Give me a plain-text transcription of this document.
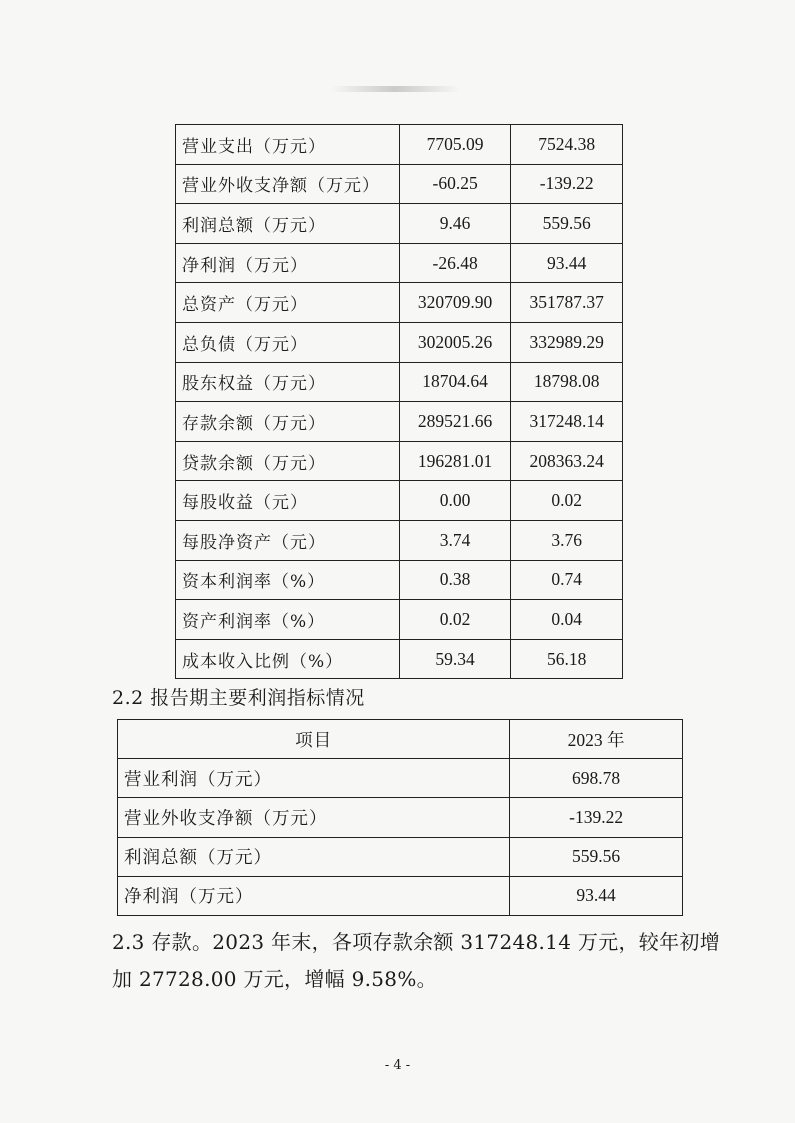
营业支出（万元）	7705.09	7524.38
营业外收支净额（万元）	-60.25	-139.22
利润总额（万元）	9.46	559.56
净利润（万元）	-26.48	93.44
总资产（万元）	320709.90	351787.37
总负债（万元）	302005.26	332989.29
股东权益（万元）	18704.64	18798.08
存款余额（万元）	289521.66	317248.14
贷款余额（万元）	196281.01	208363.24
每股收益（元）	0.00	0.02
每股净资产（元）	3.74	3.76
资本利润率（%）	0.38	0.74
资产利润率（%）	0.02	0.04
成本收入比例（%）	59.34	56.18
2.2 报告期主要利润指标情况
项目	2023 年
营业利润（万元）	698.78
营业外收支净额（万元）	-139.22
利润总额（万元）	559.56
净利润（万元）	93.44
2.3 存款。2023 年末，各项存款余额 317248.14 万元，较年初增
加 27728.00 万元，增幅 9.58%。
- 4 -
